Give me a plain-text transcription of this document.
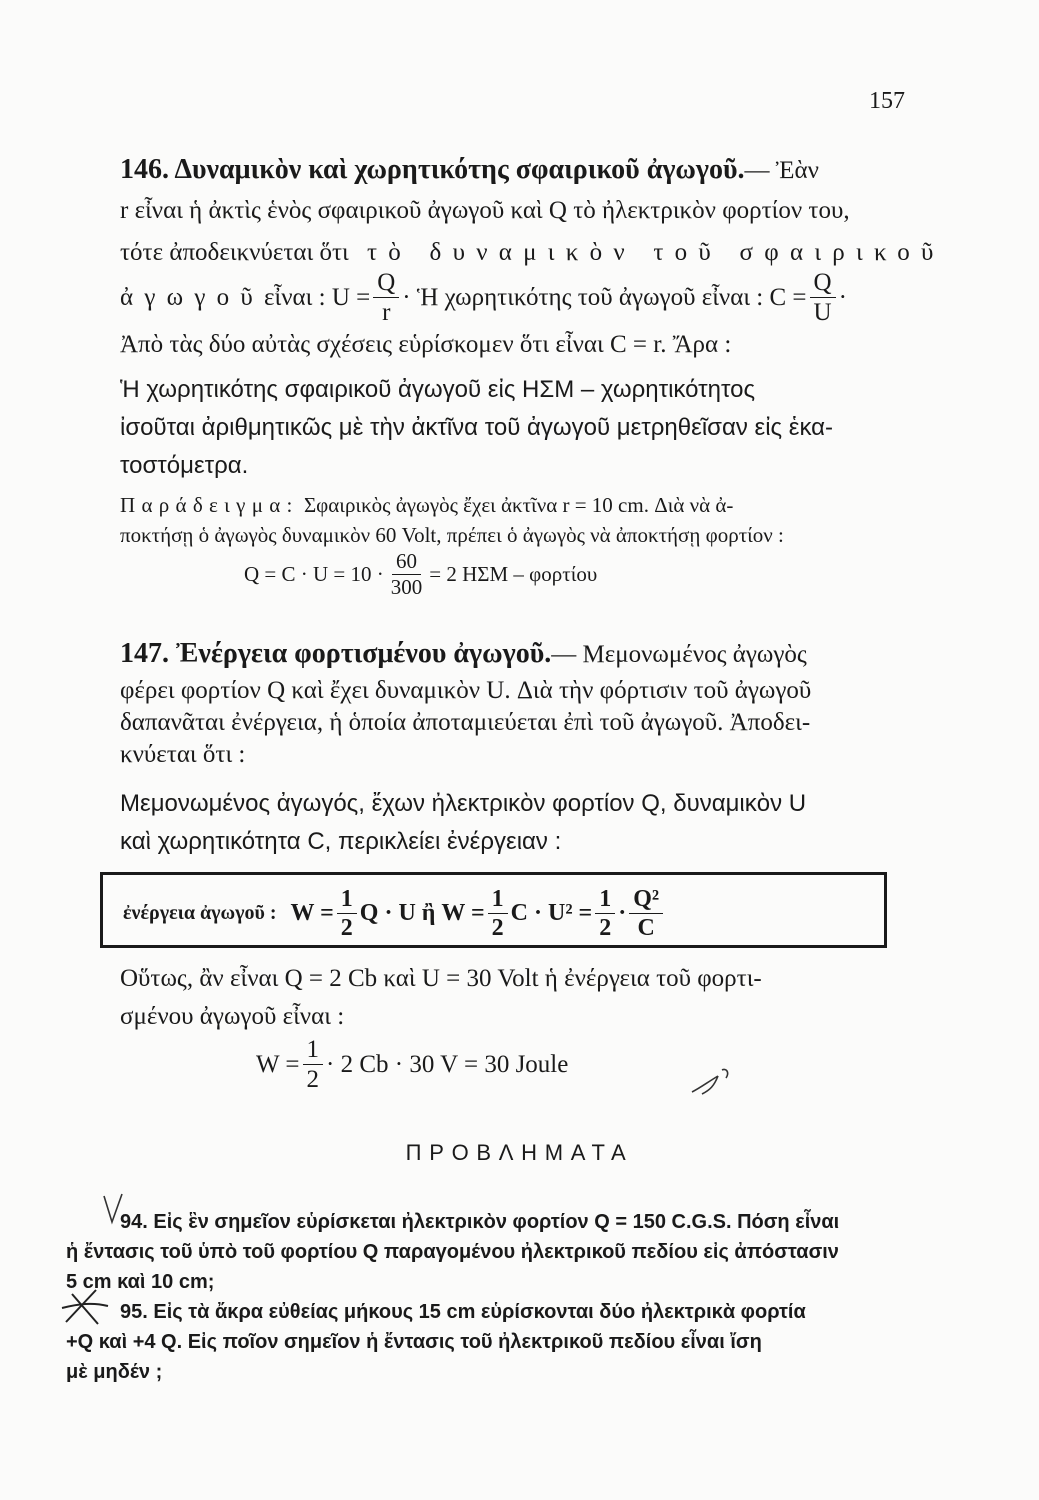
157
146. Δυναμικὸν καὶ χωρητικότης σφαιρικοῦ ἀγωγοῦ.— Ἐὰν
r εἶναι ἡ ἀκτὶς ἑνὸς σφαιρικοῦ ἀγωγοῦ καὶ Q τὸ ἠλεκτρικὸν φορτίον του,
τότε ἀποδεικνύεται ὅτι τὸ δυναμικὸν τοῦ σφαιρικοῦ
ἀγωγοῦ εἶναι : $U = \frac{Q}{r}$ · Ἡ χωρητικότης τοῦ ἀγωγοῦ εἶναι : $C = \frac{Q}{U}$ ·
Ἀπὸ τὰς δύο αὐτὰς σχέσεις εὑρίσκομεν ὅτι εἶναι C = r. Ἄρα :
Ἡ χωρητικότης σφαιρικοῦ ἀγωγοῦ εἰς ΗΣΜ – χωρητικότητος
ἰσοῦται ἀριθμητικῶς μὲ τὴν ἀκτῖνα τοῦ ἀγωγοῦ μετρηθεῖσαν εἰς ἑκα-
τοστόμετρα.
Παράδειγμα: Σφαιρικὸς ἀγωγὸς ἔχει ἀκτῖνα r = 10 cm. Διὰ νὰ ἀ-
ποκτήσῃ ὁ ἀγωγὸς δυναμικὸν 60 Volt, πρέπει ὁ ἀγωγὸς νὰ ἀποκτήσῃ φορτίον :
$Q = C \cdot U = 10 \cdot \frac{60}{300} = 2$ ΗΣΜ – φορτίου
147. Ἐνέργεια φορτισμένου ἀγωγοῦ.— Μεμονωμένος ἀγωγὸς
φέρει φορτίον Q καὶ ἔχει δυναμικὸν U. Διὰ τὴν φόρτισιν τοῦ ἀγωγοῦ
δαπανᾶται ἐνέργεια, ἡ ὁποία ἀποταμιεύεται ἐπὶ τοῦ ἀγωγοῦ. Ἀποδει-
κνύεται ὅτι :
Μεμονωμένος ἀγωγός, ἔχων ἠλεκτρικὸν φορτίον Q, δυναμικὸν U
καὶ χωρητικότητα C, περικλείει ἐνέργειαν :
ἐνέργεια ἀγωγοῦ : $W = \frac{1}{2}$ Q · U ἢ $W = \frac{1}{2}$ $C \cdot U^2 = \frac{1}{2} \cdot \frac{\text{Q²}}{C}$
Οὕτως, ἂν εἶναι Q = 2 Cb καὶ U = 30 Volt ἡ ἐνέργεια τοῦ φορτι-
σμένου ἀγωγοῦ εἶναι :
$W = \frac{1}{2} \cdot 2$ Cb · 30 V = 30 Joule
ΠΡΟΒΛΗΜΑΤΑ
94. Εἰς ἓν σημεῖον εὑρίσκεται ἠλεκτρικὸν φορτίον Q = 150 C.G.S. Πόση εἶναι
ἡ ἔντασις τοῦ ὑπὸ τοῦ φορτίου Q παραγομένου ἠλεκτρικοῦ πεδίου εἰς ἀπόστασιν
5 cm καὶ 10 cm;
95. Εἰς τὰ ἄκρα εὐθείας μήκους 15 cm εὑρίσκονται δύο ἠλεκτρικὰ φορτία
+Q καὶ +4 Q. Εἰς ποῖον σημεῖον ἡ ἔντασις τοῦ ἠλεκτρικοῦ πεδίου εἶναι ἴση
μὲ μηδέν ;
